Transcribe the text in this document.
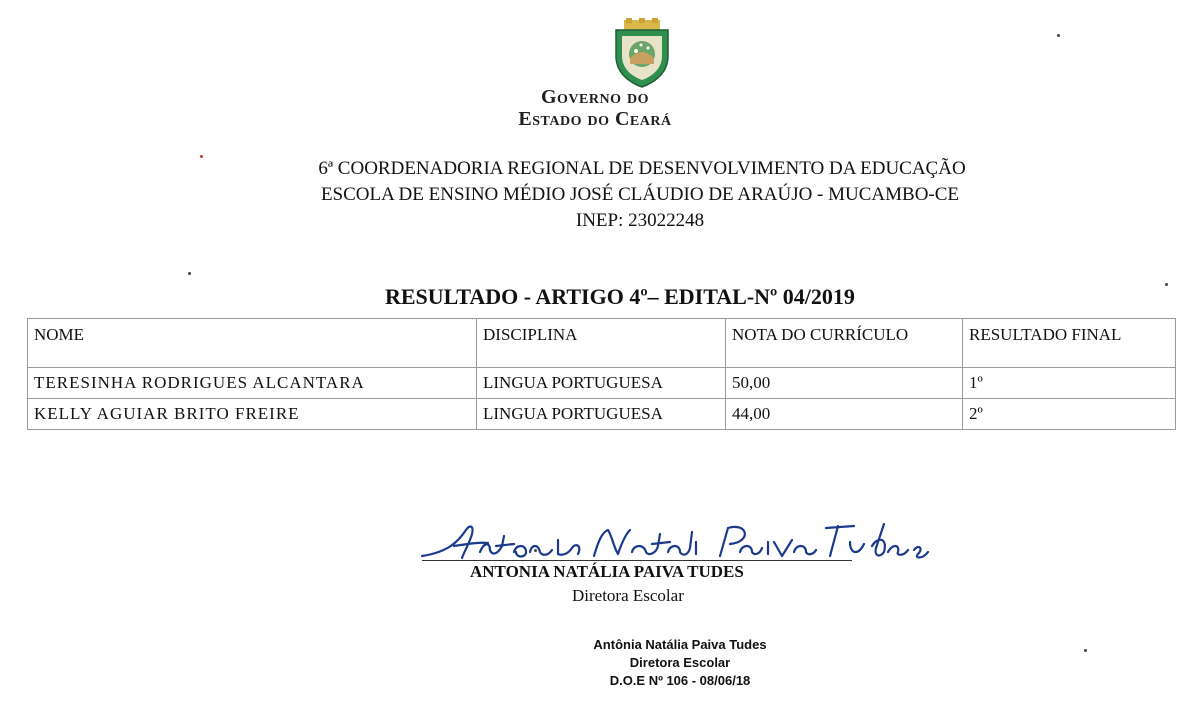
Governo do
Estado do Ceará
6ª COORDENADORIA REGIONAL DE DESENVOLVIMENTO DA EDUCAÇÃO
ESCOLA DE ENSINO MÉDIO JOSÉ CLÁUDIO DE ARAÚJO - MUCAMBO-CE
INEP: 23022248
RESULTADO - ARTIGO 4º– EDITAL-Nº 04/2019
NOME	DISCIPLINA	NOTA DO CURRÍCULO	RESULTADO FINAL
TERESINHA RODRIGUES ALCANTARA	LINGUA PORTUGUESA	50,00	1º
KELLY AGUIAR BRITO FREIRE	LINGUA PORTUGUESA	44,00	2º
ANTONIA NATÁLIA PAIVA TUDES
Diretora Escolar
Antônia Natália Paiva Tudes
Diretora Escolar
D.O.E Nº 106 - 08/06/18
